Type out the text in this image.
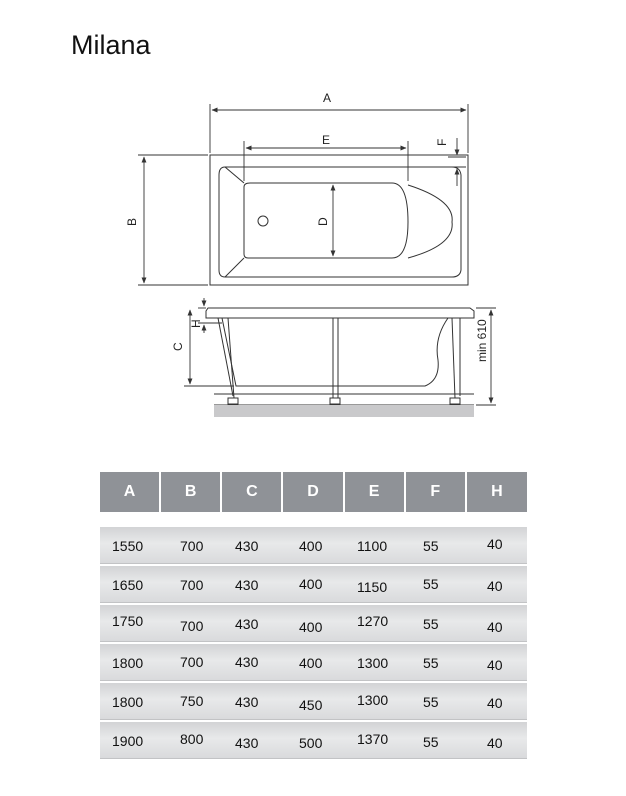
Milana
A
E
B	D
F
H
C	min 610
A	B	C	D	E	F	H
1550	700 430	400 1100	55	40
1650	700 430	400 1150	55	40
1750	700 430	400 1270 55	40
1800	700 430	400 1300 55	40
1800	750 430	450 1300 55	40
1900	800 430	500 1370 55	40
